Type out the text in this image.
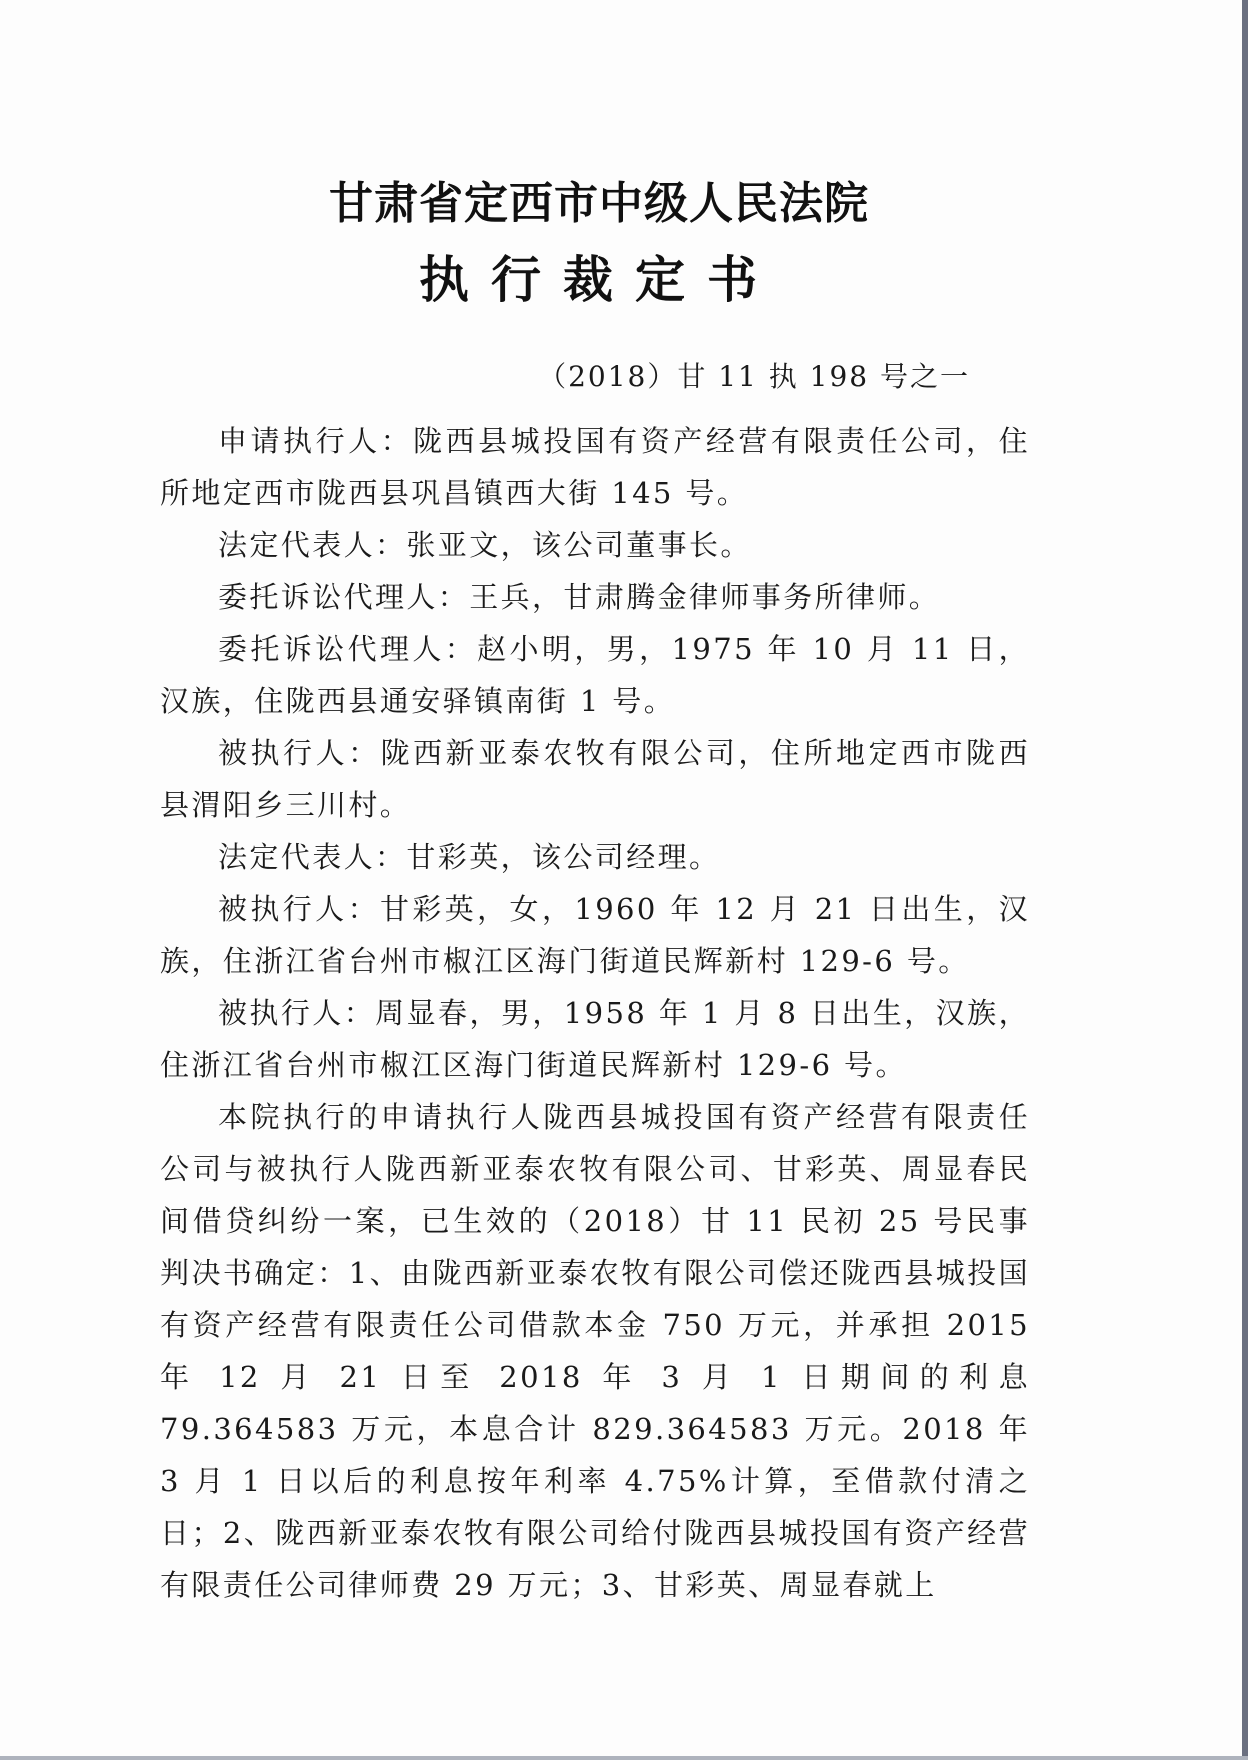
甘肃省定西市中级人民法院
执行裁定书
（2018）甘 11 执 198 号之一

申请执行人：陇西县城投国有资产经营有限责任公司，住所地定西市陇西县巩昌镇西大街 145 号。

法定代表人：张亚文，该公司董事长。

委托诉讼代理人：王兵，甘肃腾金律师事务所律师。

委托诉讼代理人：赵小明，男，1975 年 10 月 11 日，汉族，住陇西县通安驿镇南街 1 号。

被执行人：陇西新亚泰农牧有限公司，住所地定西市陇西县渭阳乡三川村。

法定代表人：甘彩英，该公司经理。

被执行人：甘彩英，女，1960 年 12 月 21 日出生，汉族，住浙江省台州市椒江区海门街道民辉新村 129-6 号。

被执行人：周显春，男，1958 年 1 月 8 日出生，汉族，住浙江省台州市椒江区海门街道民辉新村 129-6 号。

本院执行的申请执行人陇西县城投国有资产经营有限责任公司与被执行人陇西新亚泰农牧有限公司、甘彩英、周显春民间借贷纠纷一案，已生效的（2018）甘 11 民初 25 号民事判决书确定：1、由陇西新亚泰农牧有限公司偿还陇西县城投国有资产经营有限责任公司借款本金 750 万元，并承担 2015 年 12 月 21 日至 2018 年 3 月 1 日期间的利息 79.364583 万元，本息合计 829.364583 万元。2018 年 3 月 1 日以后的利息按年利率 4.75%计算，至借款付清之日；2、陇西新亚泰农牧有限公司给付陇西县城投国有资产经营有限责任公司律师费 29 万元；3、甘彩英、周显春就上
